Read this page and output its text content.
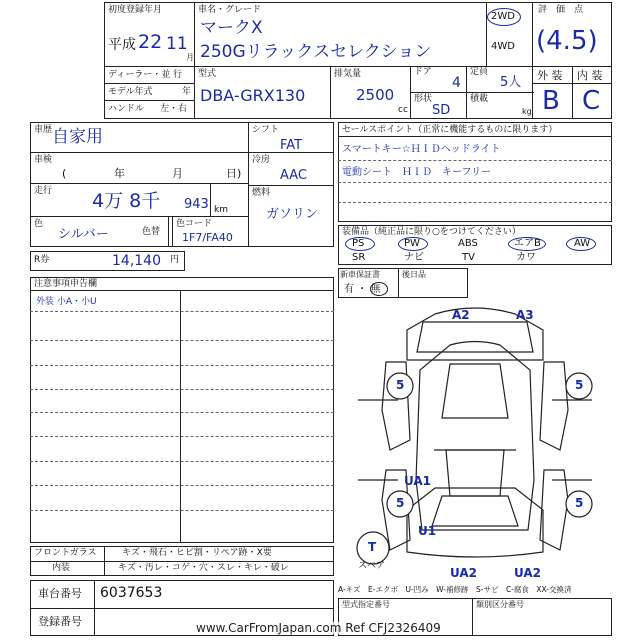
初度登録年月
平成 22 11
月
車名・グレード
マークX
250Gリラックスセレクション
2WD
4WD
評　価　点
(4.5)
外 装 内 装
B C
ディーラー・並 行
モデル年式	年
ハンドル 左・右
型式
DBA-GRX130
排気量
2500
cc
ドア
4
定員
5人
形状
SD
積載
kg
車歴 自家用
車検
(	年	月	日)
走行 4万 8千 943 km
色
シルバー	色替
色コード
1F7/FA40
シフト
FAT
冷房
AAC
燃料
ガソリン
R券	14,140 円
セールスポイント（正常に機能するものに限ります）
スマートキー☆ＨＩＤヘッドライト
電動シート　ＨＩＤ　キーフリー
装備品（純正品に限り○をつけてください）
PS	PW	ABS	エアB	AW
SR	ナビ	TV	カワ
新車保証書
有 ・ 無
後日品
注意事項申告欄
外装 小A・小U
フロントガラス	キズ・飛石・ヒビ割・リペア跡・X要
内装	キズ・汚レ・コゲ・穴・スレ・キレ・破レ
車台番号 6037653
登録番号
型式指定番号	類別区分番号
A-キズ　E-エクボ　U-凹み　W-補修跡　S-サビ　C-腐食　XX-交換済
www.CarFromJapan.com Ref CFJ2326409
A2	A3
5	5
5	5
UA1
U1
T
スペア	UA2	UA2
